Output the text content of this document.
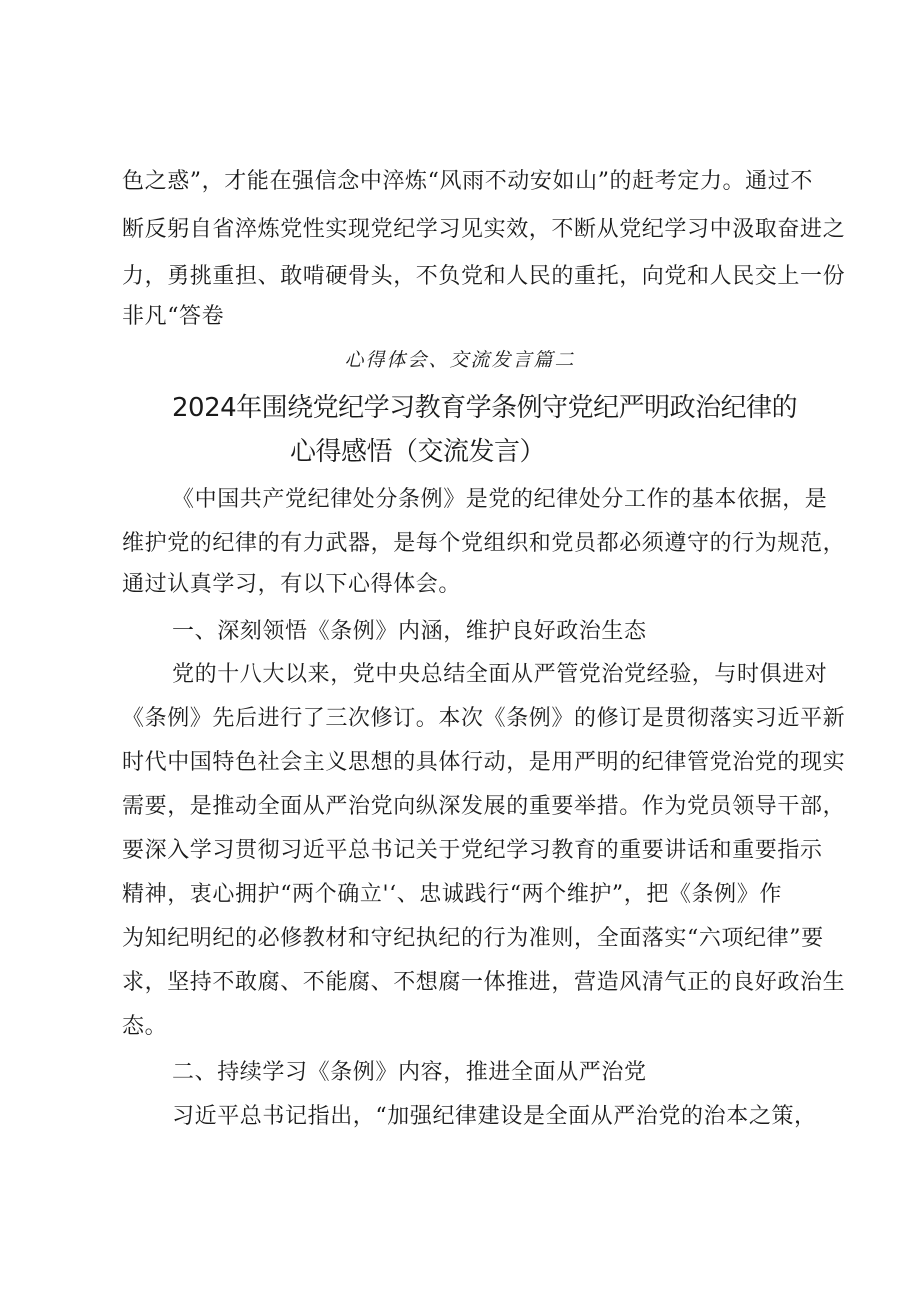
色之惑”，才能在强信念中淬炼“风雨不动安如山”的赶考定力。通过不
断反躬自省淬炼党性实现党纪学习见实效，不断从党纪学习中汲取奋进之
力，勇挑重担、敢啃硬骨头，不负党和人民的重托，向党和人民交上一份
非凡“答卷
心得体会、交流发言篇二
2024年围绕党纪学习教育学条例守党纪严明政治纪律的
心得感悟（交流发言）
《中国共产党纪律处分条例》是党的纪律处分工作的基本依据，是
维护党的纪律的有力武器，是每个党组织和党员都必须遵守的行为规范，
通过认真学习，有以下心得体会。
一、深刻领悟《条例》内涵，维护良好政治生态
党的十八大以来，党中央总结全面从严管党治党经验，与时俱进对
《条例》先后进行了三次修订。本次《条例》的修订是贯彻落实习近平新
时代中国特色社会主义思想的具体行动，是用严明的纪律管党治党的现实
需要，是推动全面从严治党向纵深发展的重要举措。作为党员领导干部，
要深入学习贯彻习近平总书记关于党纪学习教育的重要讲话和重要指示
精神，衷心拥护“两个确立'‘、忠诚践行“两个维护”，把《条例》作
为知纪明纪的必修教材和守纪执纪的行为准则，全面落实“六项纪律”要
求，坚持不敢腐、不能腐、不想腐一体推进，营造风清气正的良好政治生
态。
二、持续学习《条例》内容，推进全面从严治党
习近平总书记指出，“加强纪律建设是全面从严治党的治本之策，
